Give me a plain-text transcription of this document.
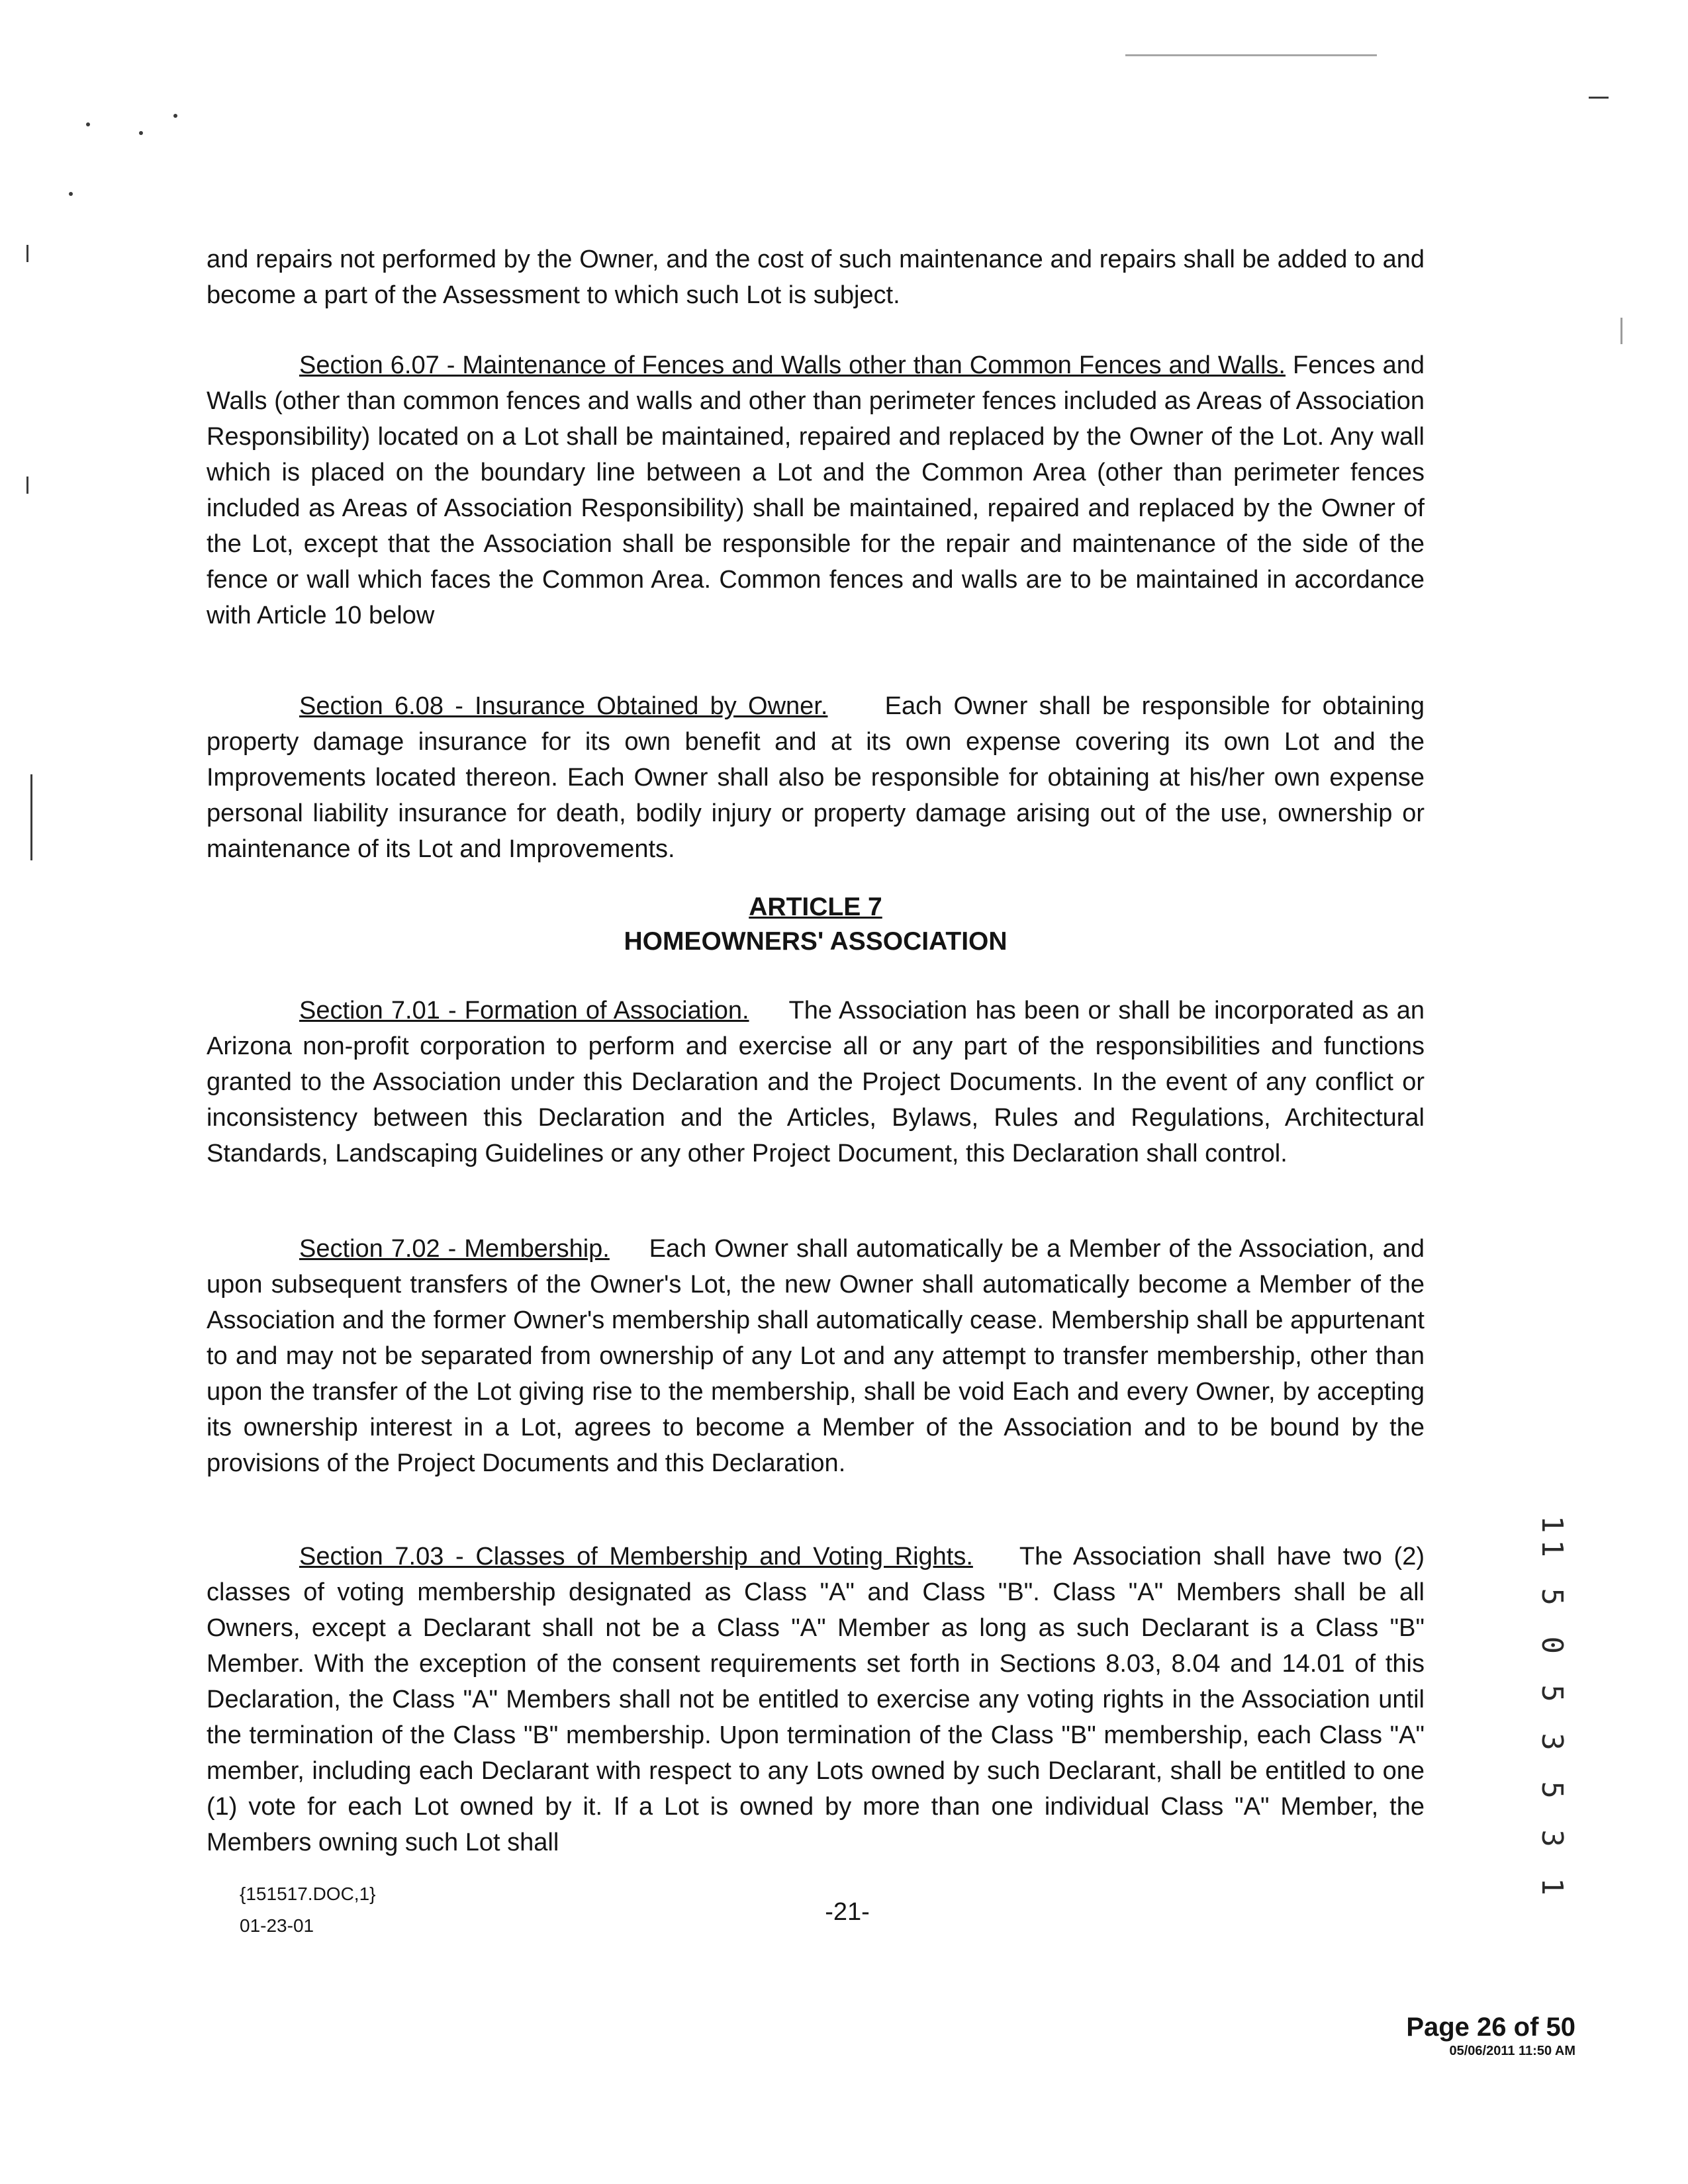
and repairs not performed by the Owner, and the cost of such maintenance and repairs shall be added to and become a part of the Assessment to which such Lot is subject.
Section 6.07 - Maintenance of Fences and Walls other than Common Fences and Walls. Fences and Walls (other than common fences and walls and other than perimeter fences included as Areas of Association Responsibility) located on a Lot shall be maintained, repaired and replaced by the Owner of the Lot. Any wall which is placed on the boundary line between a Lot and the Common Area (other than perimeter fences included as Areas of Association Responsibility) shall be maintained, repaired and replaced by the Owner of the Lot, except that the Association shall be responsible for the repair and maintenance of the side of the fence or wall which faces the Common Area. Common fences and walls are to be maintained in accordance with Article 10 below
Section 6.08 - Insurance Obtained by Owner. Each Owner shall be responsible for obtaining property damage insurance for its own benefit and at its own expense covering its own Lot and the Improvements located thereon. Each Owner shall also be responsible for obtaining at his/her own expense personal liability insurance for death, bodily injury or property damage arising out of the use, ownership or maintenance of its Lot and Improvements.
ARTICLE 7
HOMEOWNERS' ASSOCIATION
Section 7.01 - Formation of Association. The Association has been or shall be incorporated as an Arizona non-profit corporation to perform and exercise all or any part of the responsibilities and functions granted to the Association under this Declaration and the Project Documents. In the event of any conflict or inconsistency between this Declaration and the Articles, Bylaws, Rules and Regulations, Architectural Standards, Landscaping Guidelines or any other Project Document, this Declaration shall control.
Section 7.02 - Membership. Each Owner shall automatically be a Member of the Association, and upon subsequent transfers of the Owner's Lot, the new Owner shall automatically become a Member of the Association and the former Owner's membership shall automatically cease. Membership shall be appurtenant to and may not be separated from ownership of any Lot and any attempt to transfer membership, other than upon the transfer of the Lot giving rise to the membership, shall be void Each and every Owner, by accepting its ownership interest in a Lot, agrees to become a Member of the Association and to be bound by the provisions of the Project Documents and this Declaration.
Section 7.03 - Classes of Membership and Voting Rights. The Association shall have two (2) classes of voting membership designated as Class "A" and Class "B". Class "A" Members shall be all Owners, except a Declarant shall not be a Class "A" Member as long as such Declarant is a Class "B" Member. With the exception of the consent requirements set forth in Sections 8.03, 8.04 and 14.01 of this Declaration, the Class "A" Members shall not be entitled to exercise any voting rights in the Association until the termination of the Class "B" membership. Upon termination of the Class "B" membership, each Class "A" member, including each Declarant with respect to any Lots owned by such Declarant, shall be entitled to one (1) vote for each Lot owned by it. If a Lot is owned by more than one individual Class "A" Member, the Members owning such Lot shall	11 5 0 5 3 5 3 1
{151517.DOC,1}
01-23-01	-21-
Page 26 of 50
05/06/2011 11:50 AM
